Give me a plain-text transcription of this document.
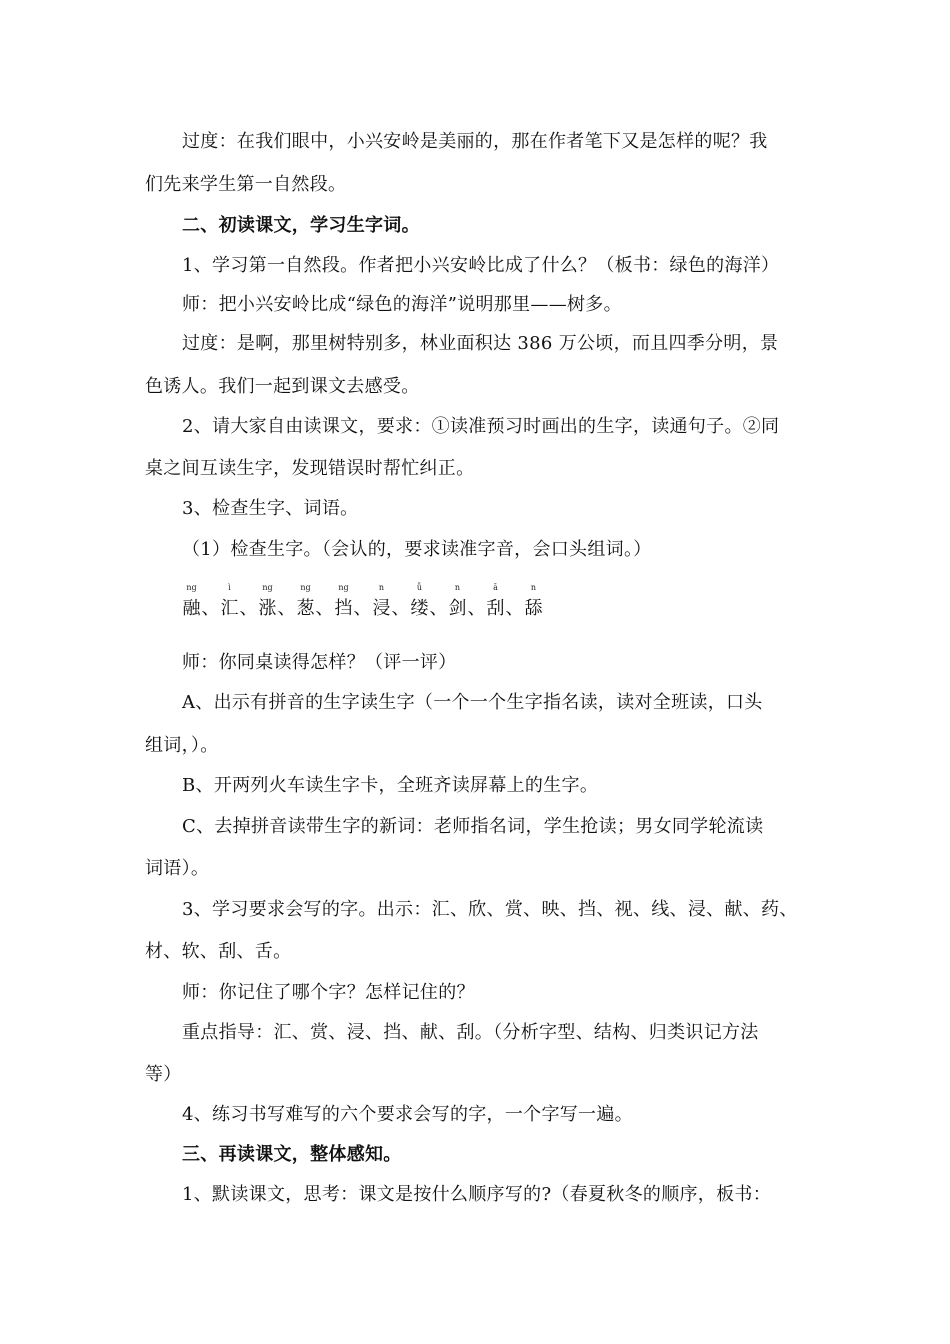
过度：在我们眼中，小兴安岭是美丽的，那在作者笔下又是怎样的呢？我
们先来学生第一自然段。
二、初读课文，学习生字词。
1、学习第一自然段。作者把小兴安岭比成了什么？（板书：绿色的海洋）
师：把小兴安岭比成“绿色的海洋”说明那里——树多。
过度：是啊，那里树特别多，林业面积达 386 万公顷，而且四季分明，景
色诱人。我们一起到课文去感受。
2、请大家自由读课文，要求：①读准预习时画出的生字，读通句子。②同
桌之间互读生字，发现错误时帮忙纠正。
3、检查生字、词语。
（1）检查生字。（会认的，要求读准字音，会口头组词。）
ng
融 、
ì
汇 、
ng
涨 、
ng
葱 、
ng
挡 、
n
浸 、
ǚ
缕 、
n
剑 、
ā
刮 、
n
舔
师：你同桌读得怎样？（评一评）
A、出示有拼音的生字读生字（一个一个生字指名读，读对全班读，口头
组词，）。
B、开两列火车读生字卡，全班齐读屏幕上的生字。
C、去掉拼音读带生字的新词：老师指名词，学生抢读；男女同学轮流读
词语）。
3、学习要求会写的字。出示：汇、欣、赏、映、挡、视、线、浸、献、药、
材、软、刮、舌。
师：你记住了哪个字？怎样记住的？
重点指导：汇、赏、浸、挡、献、刮。（分析字型、结构、归类识记方法
等）
4、练习书写难写的六个要求会写的字，一个字写一遍。
三、再读课文，整体感知。
1、默读课文，思考：课文是按什么顺序写的?（春夏秋冬的顺序，板书：
